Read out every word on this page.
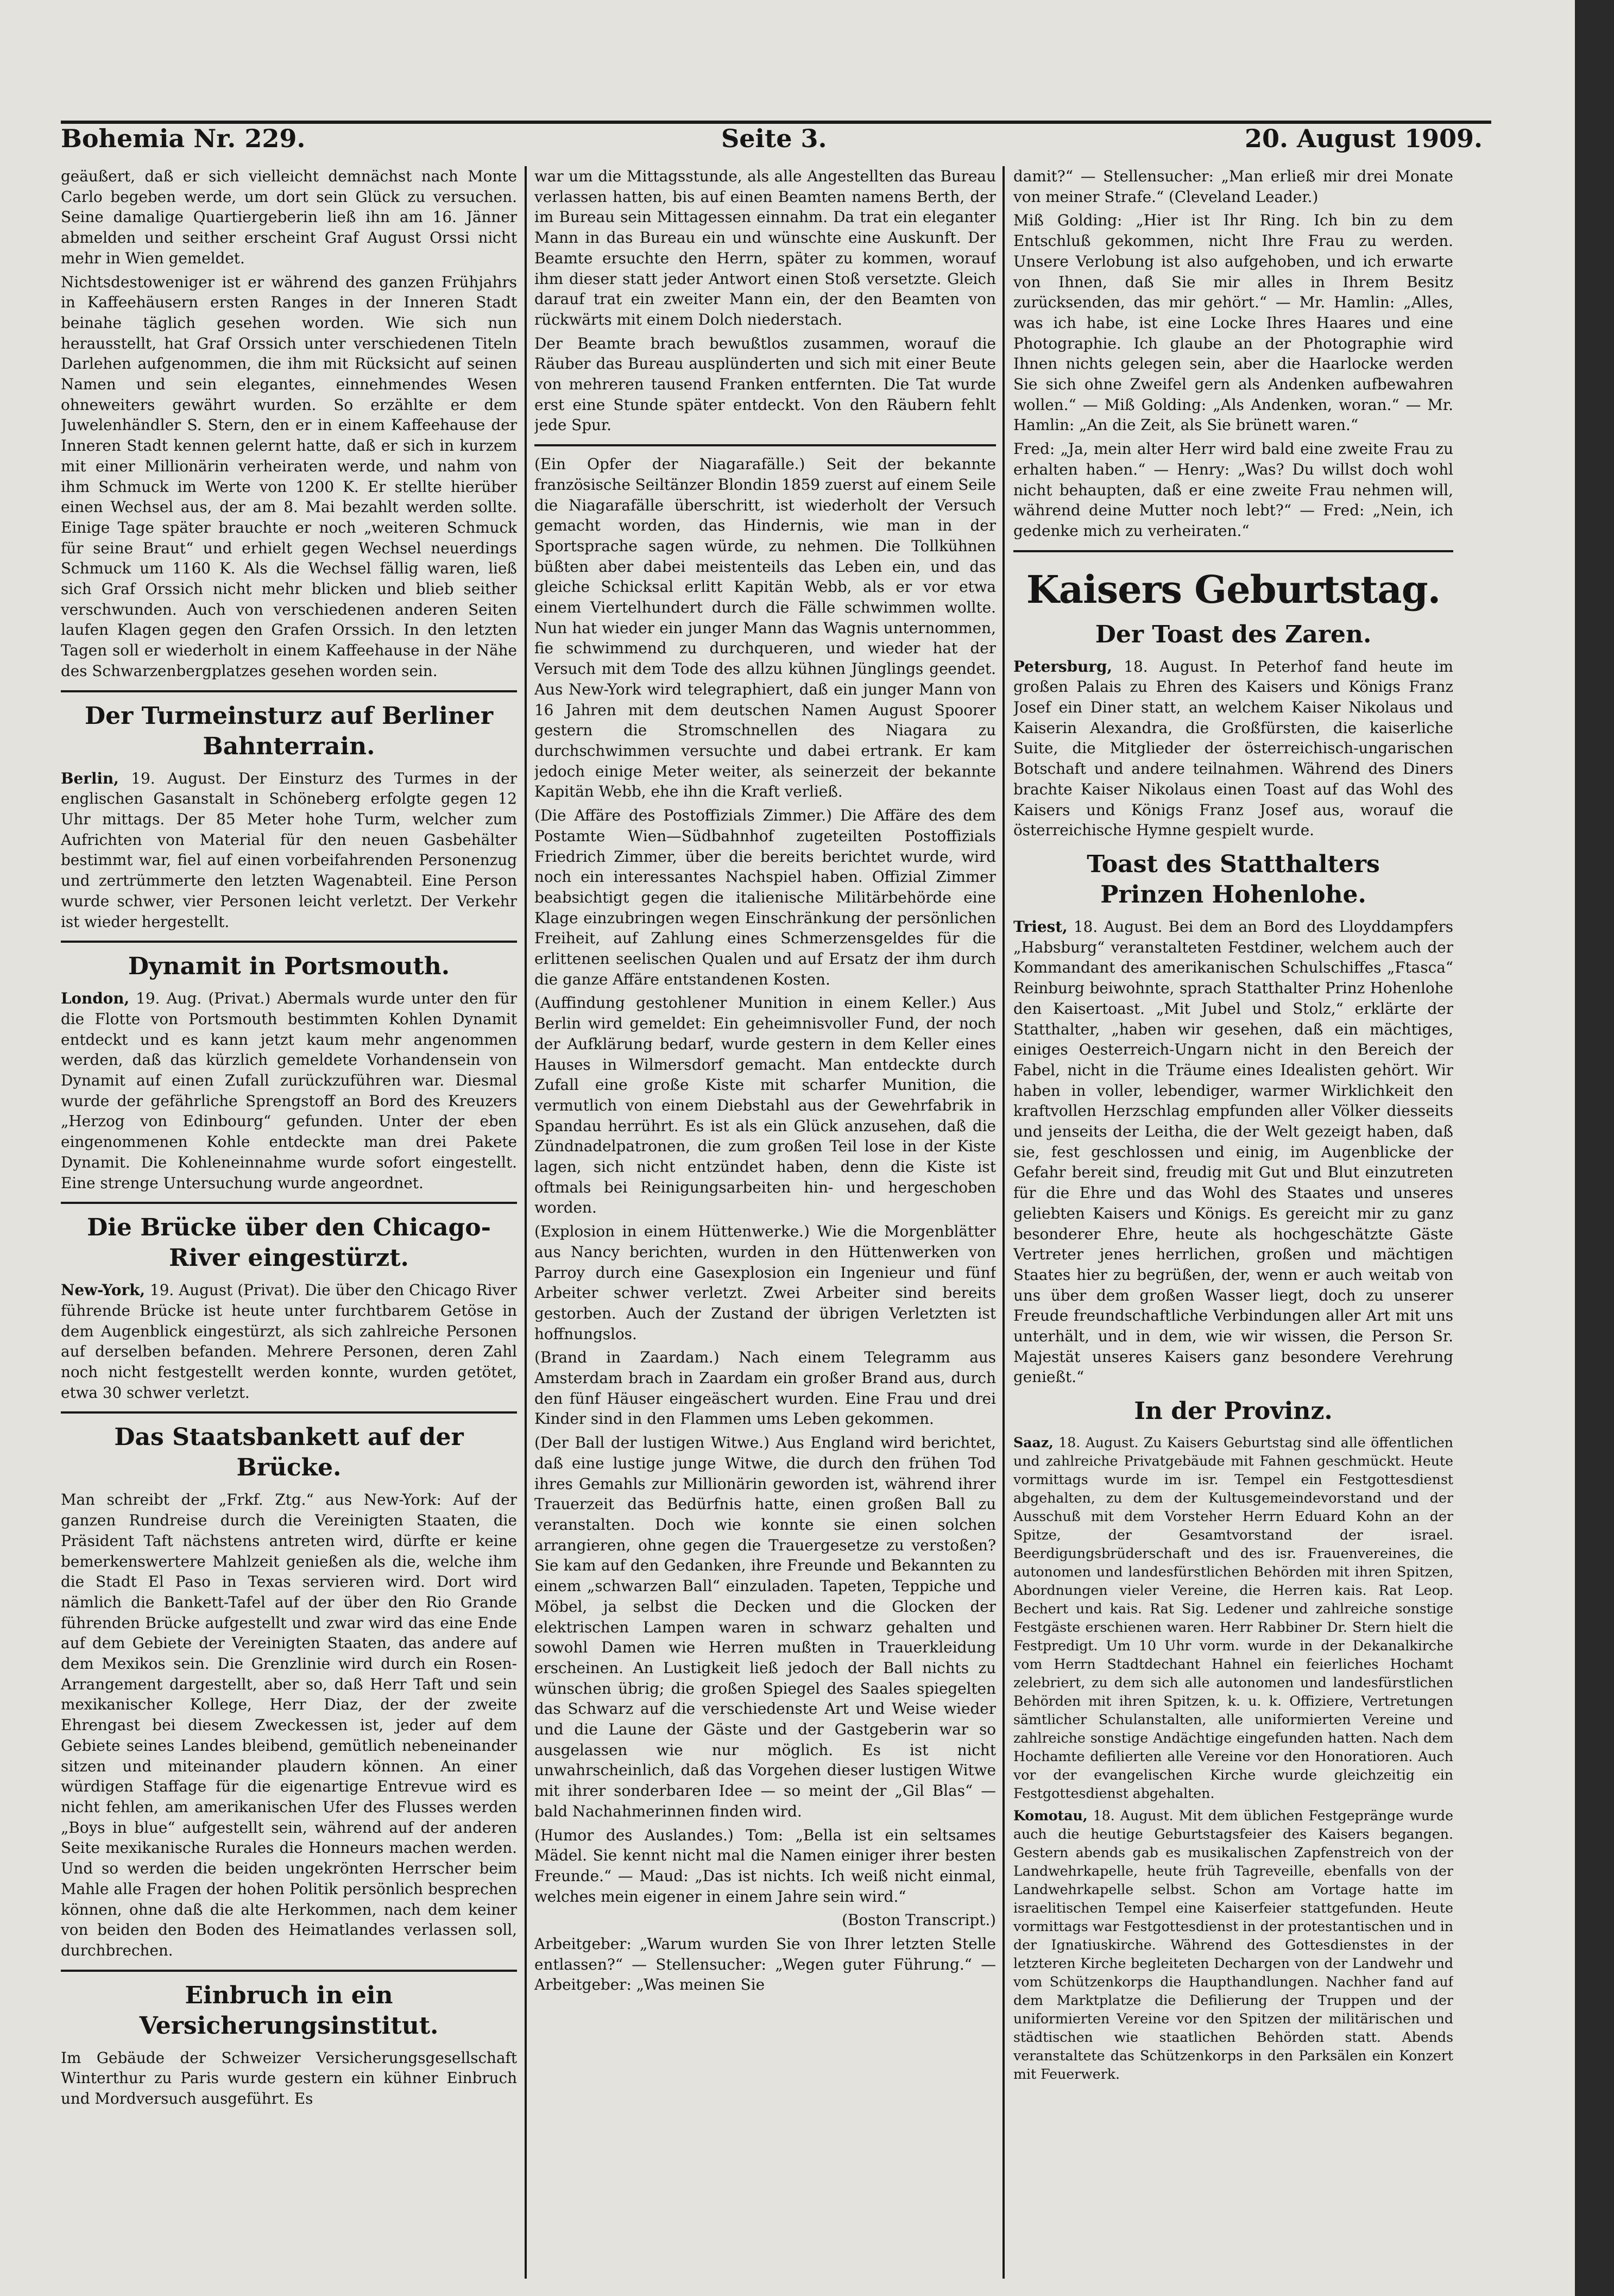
Bohemia Nr. 229.	Seite 3.	20. August 1909.

geäußert, daß er sich vielleicht demnächst nach Monte Carlo begeben werde, um dort sein Glück zu versuchen. Seine damalige Quartiergeberin ließ ihn am 16. Jänner abmelden und seither erscheint Graf August Orssi nicht mehr in Wien gemeldet.

Nichtsdestoweniger ist er während des ganzen Frühjahrs in Kaffeehäusern ersten Ranges in der Inneren Stadt beinahe täglich gesehen worden. Wie sich nun herausstellt, hat Graf Orssich unter verschiedenen Titeln Darlehen aufgenommen, die ihm mit Rücksicht auf seinen Namen und sein elegantes, einnehmendes Wesen ohneweiters gewährt wurden. So erzählte er dem Juwelenhändler S. Stern, den er in einem Kaffeehause der Inneren Stadt kennen gelernt hatte, daß er sich in kurzem mit einer Millionärin verheiraten werde, und nahm von ihm Schmuck im Werte von 1200 K. Er stellte hierüber einen Wechsel aus, der am 8. Mai bezahlt werden sollte. Einige Tage später brauchte er noch „weiteren Schmuck für seine Braut“ und erhielt gegen Wechsel neuerdings Schmuck um 1160 K. Als die Wechsel fällig waren, ließ sich Graf Orssich nicht mehr blicken und blieb seither verschwunden. Auch von verschiedenen anderen Seiten laufen Klagen gegen den Grafen Orssich. In den letzten Tagen soll er wiederholt in einem Kaffeehause in der Nähe des Schwarzenbergplatzes gesehen worden sein.

Der Turmeinsturz auf Berliner Bahnterrain.

Berlin, 19. August. Der Einsturz des Turmes in der englischen Gasanstalt in Schöneberg erfolgte gegen 12 Uhr mittags. Der 85 Meter hohe Turm, welcher zum Aufrichten von Material für den neuen Gasbehälter bestimmt war, fiel auf einen vorbeifahrenden Personenzug und zertrümmerte den letzten Wagenabteil. Eine Person wurde schwer, vier Personen leicht verletzt. Der Verkehr ist wieder hergestellt.

Dynamit in Portsmouth.

London, 19. Aug. (Privat.) Abermals wurde unter den für die Flotte von Portsmouth bestimmten Kohlen Dynamit entdeckt und es kann jetzt kaum mehr angenommen werden, daß das kürzlich gemeldete Vorhandensein von Dynamit auf einen Zufall zurückzuführen war. Diesmal wurde der gefährliche Sprengstoff an Bord des Kreuzers „Herzog von Edinbourg“ gefunden. Unter der eben eingenommenen Kohle entdeckte man drei Pakete Dynamit. Die Kohleneinnahme wurde sofort eingestellt. Eine strenge Untersuchung wurde angeordnet.

Die Brücke über den Chicago-River eingestürzt.

New-York, 19. August (Privat). Die über den Chicago River führende Brücke ist heute unter furchtbarem Getöse in dem Augenblick eingestürzt, als sich zahlreiche Personen auf derselben befanden. Mehrere Personen, deren Zahl noch nicht festgestellt werden konnte, wurden getötet, etwa 30 schwer verletzt.

Das Staatsbankett auf der Brücke.

Man schreibt der „Frkf. Ztg.“ aus New-York: Auf der ganzen Rundreise durch die Vereinigten Staaten, die Präsident Taft nächstens antreten wird, dürfte er keine bemerkenswertere Mahlzeit genießen als die, welche ihm die Stadt El Paso in Texas servieren wird. Dort wird nämlich die Bankett-Tafel auf der über den Rio Grande führenden Brücke aufgestellt und zwar wird das eine Ende auf dem Gebiete der Vereinigten Staaten, das andere auf dem Mexikos sein. Die Grenzlinie wird durch ein Rosen-Arrangement dargestellt, aber so, daß Herr Taft und sein mexikanischer Kollege, Herr Diaz, der der zweite Ehrengast bei diesem Zweckessen ist, jeder auf dem Gebiete seines Landes bleibend, gemütlich nebeneinander sitzen und miteinander plaudern können. An einer würdigen Staffage für die eigenartige Entrevue wird es nicht fehlen, am amerikanischen Ufer des Flusses werden „Boys in blue“ aufgestellt sein, während auf der anderen Seite mexikanische Rurales die Honneurs machen werden. Und so werden die beiden ungekrönten Herrscher beim Mahle alle Fragen der hohen Politik persönlich besprechen können, ohne daß die alte Herkommen, nach dem keiner von beiden den Boden des Heimatlandes verlassen soll, durchbrechen.

Einbruch in ein Versicherungsinstitut.

Im Gebäude der Schweizer Versicherungsgesellschaft Winterthur zu Paris wurde gestern ein kühner Einbruch und Mordversuch ausgeführt. Es

war um die Mittagsstunde, als alle Angestellten das Bureau verlassen hatten, bis auf einen Beamten namens Berth, der im Bureau sein Mittagessen einnahm. Da trat ein eleganter Mann in das Bureau ein und wünschte eine Auskunft. Der Beamte ersuchte den Herrn, später zu kommen, worauf ihm dieser statt jeder Antwort einen Stoß versetzte. Gleich darauf trat ein zweiter Mann ein, der den Beamten von rückwärts mit einem Dolch niederstach.

Der Beamte brach bewußtlos zusammen, worauf die Räuber das Bureau ausplünderten und sich mit einer Beute von mehreren tausend Franken entfernten. Die Tat wurde erst eine Stunde später entdeckt. Von den Räubern fehlt jede Spur.

(Ein Opfer der Niagarafälle.) Seit der bekannte französische Seiltänzer Blondin 1859 zuerst auf einem Seile die Niagarafälle überschritt, ist wiederholt der Versuch gemacht worden, das Hindernis, wie man in der Sportsprache sagen würde, zu nehmen. Die Tollkühnen büßten aber dabei meistenteils das Leben ein, und das gleiche Schicksal erlitt Kapitän Webb, als er vor etwa einem Viertelhundert durch die Fälle schwimmen wollte. Nun hat wieder ein junger Mann das Wagnis unternommen, fie schwimmend zu durchqueren, und wieder hat der Versuch mit dem Tode des allzu kühnen Jünglings geendet. Aus New-York wird telegraphiert, daß ein junger Mann von 16 Jahren mit dem deutschen Namen August Spoorer gestern die Stromschnellen des Niagara zu durchschwimmen versuchte und dabei ertrank. Er kam jedoch einige Meter weiter, als seinerzeit der bekannte Kapitän Webb, ehe ihn die Kraft verließ.

(Die Affäre des Postoffizials Zimmer.) Die Affäre des dem Postamte Wien—Südbahnhof zugeteilten Postoffizials Friedrich Zimmer, über die bereits berichtet wurde, wird noch ein interessantes Nachspiel haben. Offizial Zimmer beabsichtigt gegen die italienische Militärbehörde eine Klage einzubringen wegen Einschränkung der persönlichen Freiheit, auf Zahlung eines Schmerzensgeldes für die erlittenen seelischen Qualen und auf Ersatz der ihm durch die ganze Affäre entstandenen Kosten.

(Auffindung gestohlener Munition in einem Keller.) Aus Berlin wird gemeldet: Ein geheimnisvoller Fund, der noch der Aufklärung bedarf, wurde gestern in dem Keller eines Hauses in Wilmersdorf gemacht. Man entdeckte durch Zufall eine große Kiste mit scharfer Munition, die vermutlich von einem Diebstahl aus der Gewehrfabrik in Spandau herrührt. Es ist als ein Glück anzusehen, daß die Zündnadelpatronen, die zum großen Teil lose in der Kiste lagen, sich nicht entzündet haben, denn die Kiste ist oftmals bei Reinigungsarbeiten hin- und hergeschoben worden.

(Explosion in einem Hüttenwerke.) Wie die Morgenblätter aus Nancy berichten, wurden in den Hüttenwerken von Parroy durch eine Gasexplosion ein Ingenieur und fünf Arbeiter schwer verletzt. Zwei Arbeiter sind bereits gestorben. Auch der Zustand der übrigen Verletzten ist hoffnungslos.

(Brand in Zaardam.) Nach einem Telegramm aus Amsterdam brach in Zaardam ein großer Brand aus, durch den fünf Häuser eingeäschert wurden. Eine Frau und drei Kinder sind in den Flammen ums Leben gekommen.

(Der Ball der lustigen Witwe.) Aus England wird berichtet, daß eine lustige junge Witwe, die durch den frühen Tod ihres Gemahls zur Millionärin geworden ist, während ihrer Trauerzeit das Bedürfnis hatte, einen großen Ball zu veranstalten. Doch wie konnte sie einen solchen arrangieren, ohne gegen die Trauergesetze zu verstoßen? Sie kam auf den Gedanken, ihre Freunde und Bekannten zu einem „schwarzen Ball“ einzuladen. Tapeten, Teppiche und Möbel, ja selbst die Decken und die Glocken der elektrischen Lampen waren in schwarz gehalten und sowohl Damen wie Herren mußten in Trauerkleidung erscheinen. An Lustigkeit ließ jedoch der Ball nichts zu wünschen übrig; die großen Spiegel des Saales spiegelten das Schwarz auf die verschiedenste Art und Weise wieder und die Laune der Gäste und der Gastgeberin war so ausgelassen wie nur möglich. Es ist nicht unwahrscheinlich, daß das Vorgehen dieser lustigen Witwe mit ihrer sonderbaren Idee — so meint der „Gil Blas“ — bald Nachahmerinnen finden wird.

(Humor des Auslandes.) Tom: „Bella ist ein seltsames Mädel. Sie kennt nicht mal die Namen einiger ihrer besten Freunde.“ — Maud: „Das ist nichts. Ich weiß nicht einmal, welches mein eigener in einem Jahre sein wird.“

(Boston Transcript.)

Arbeitgeber: „Warum wurden Sie von Ihrer letzten Stelle entlassen?“ — Stellensucher: „Wegen guter Führung.“ — Arbeitgeber: „Was meinen Sie

damit?“ — Stellensucher: „Man erließ mir drei Monate von meiner Strafe.“ (Cleveland Leader.)

Miß Golding: „Hier ist Ihr Ring. Ich bin zu dem Entschluß gekommen, nicht Ihre Frau zu werden. Unsere Verlobung ist also aufgehoben, und ich erwarte von Ihnen, daß Sie mir alles in Ihrem Besitz zurücksenden, das mir gehört.“ — Mr. Hamlin: „Alles, was ich habe, ist eine Locke Ihres Haares und eine Photographie. Ich glaube an der Photographie wird Ihnen nichts gelegen sein, aber die Haarlocke werden Sie sich ohne Zweifel gern als Andenken aufbewahren wollen.“ — Miß Golding: „Als Andenken, woran.“ — Mr. Hamlin: „An die Zeit, als Sie brünett waren.“

Fred: „Ja, mein alter Herr wird bald eine zweite Frau zu erhalten haben.“ — Henry: „Was? Du willst doch wohl nicht behaupten, daß er eine zweite Frau nehmen will, während deine Mutter noch lebt?“ — Fred: „Nein, ich gedenke mich zu verheiraten.“

Kaisers Geburtstag.
Der Toast des Zaren.

Petersburg, 18. August. In Peterhof fand heute im großen Palais zu Ehren des Kaisers und Königs Franz Josef ein Diner statt, an welchem Kaiser Nikolaus und Kaiserin Alexandra, die Großfürsten, die kaiserliche Suite, die Mitglieder der österreichisch-ungarischen Botschaft und andere teilnahmen. Während des Diners brachte Kaiser Nikolaus einen Toast auf das Wohl des Kaisers und Königs Franz Josef aus, worauf die österreichische Hymne gespielt wurde.

Toast des Statthalters
Prinzen Hohenlohe.

Triest, 18. August. Bei dem an Bord des Lloyddampfers „Habsburg“ veranstalteten Festdiner, welchem auch der Kommandant des amerikanischen Schulschiffes „Ftasca“ Reinburg beiwohnte, sprach Statthalter Prinz Hohenlohe den Kaisertoast. „Mit Jubel und Stolz,“ erklärte der Statthalter, „haben wir gesehen, daß ein mächtiges, einiges Oesterreich-Ungarn nicht in den Bereich der Fabel, nicht in die Träume eines Idealisten gehört. Wir haben in voller, lebendiger, warmer Wirklichkeit den kraftvollen Herzschlag empfunden aller Völker diesseits und jenseits der Leitha, die der Welt gezeigt haben, daß sie, fest geschlossen und einig, im Augenblicke der Gefahr bereit sind, freudig mit Gut und Blut einzutreten für die Ehre und das Wohl des Staates und unseres geliebten Kaisers und Königs. Es gereicht mir zu ganz besonderer Ehre, heute als hochgeschätzte Gäste Vertreter jenes herrlichen, großen und mächtigen Staates hier zu begrüßen, der, wenn er auch weitab von uns über dem großen Wasser liegt, doch zu unserer Freude freundschaftliche Verbindungen aller Art mit uns unterhält, und in dem, wie wir wissen, die Person Sr. Majestät unseres Kaisers ganz besondere Verehrung genießt.“

In der Provinz.

Saaz, 18. August. Zu Kaisers Geburtstag sind alle öffentlichen und zahlreiche Privatgebäude mit Fahnen geschmückt. Heute vormittags wurde im isr. Tempel ein Festgottesdienst abgehalten, zu dem der Kultusgemeindevorstand und der Ausschuß mit dem Vorsteher Herrn Eduard Kohn an der Spitze, der Gesamtvorstand der israel. Beerdigungsbrüderschaft und des isr. Frauenvereines, die autonomen und landesfürstlichen Behörden mit ihren Spitzen, Abordnungen vieler Vereine, die Herren kais. Rat Leop. Bechert und kais. Rat Sig. Ledener und zahlreiche sonstige Festgäste erschienen waren. Herr Rabbiner Dr. Stern hielt die Festpredigt. Um 10 Uhr vorm. wurde in der Dekanalkirche vom Herrn Stadtdechant Hahnel ein feierliches Hochamt zelebriert, zu dem sich alle autonomen und landesfürstlichen Behörden mit ihren Spitzen, k. u. k. Offiziere, Vertretungen sämtlicher Schulanstalten, alle uniformierten Vereine und zahlreiche sonstige Andächtige eingefunden hatten. Nach dem Hochamte defilierten alle Vereine vor den Honoratioren. Auch vor der evangelischen Kirche wurde gleichzeitig ein Festgottesdienst abgehalten.

Komotau, 18. August. Mit dem üblichen Festgepränge wurde auch die heutige Geburtstagsfeier des Kaisers begangen. Gestern abends gab es musikalischen Zapfenstreich von der Landwehrkapelle, heute früh Tagreveille, ebenfalls von der Landwehrkapelle selbst. Schon am Vortage hatte im israelitischen Tempel eine Kaiserfeier stattgefunden. Heute vormittags war Festgottesdienst in der protestantischen und in der Ignatiuskirche. Während des Gottesdienstes in der letzteren Kirche begleiteten Dechargen von der Landwehr und vom Schützenkorps die Haupthandlungen. Nachher fand auf dem Marktplatze die Defilierung der Truppen und der uniformierten Vereine vor den Spitzen der militärischen und städtischen wie staatlichen Behörden statt. Abends veranstaltete das Schützenkorps in den Parksälen ein Konzert mit Feuerwerk.
